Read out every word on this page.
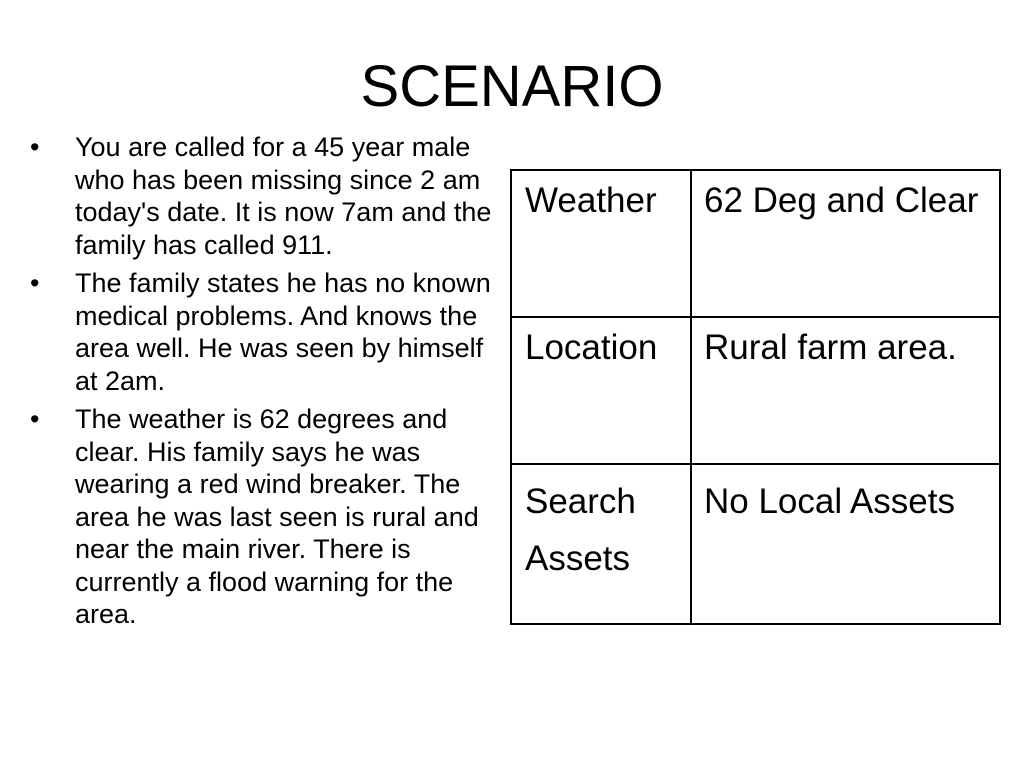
SCENARIO
• You are called for a 45 year male who has been missing since 2 am today's date. It is now 7am and the family has called 911.
• The family states he has no known medical problems. And knows the area well. He was seen by himself at 2am.
• The weather is 62 degrees and clear. His family says he was wearing a red wind breaker. The area he was last seen is rural and near the main river. There is currently a flood warning for the area.
Weather	62 Deg and Clear
Location	Rural farm area.
Search Assets	No Local Assets
